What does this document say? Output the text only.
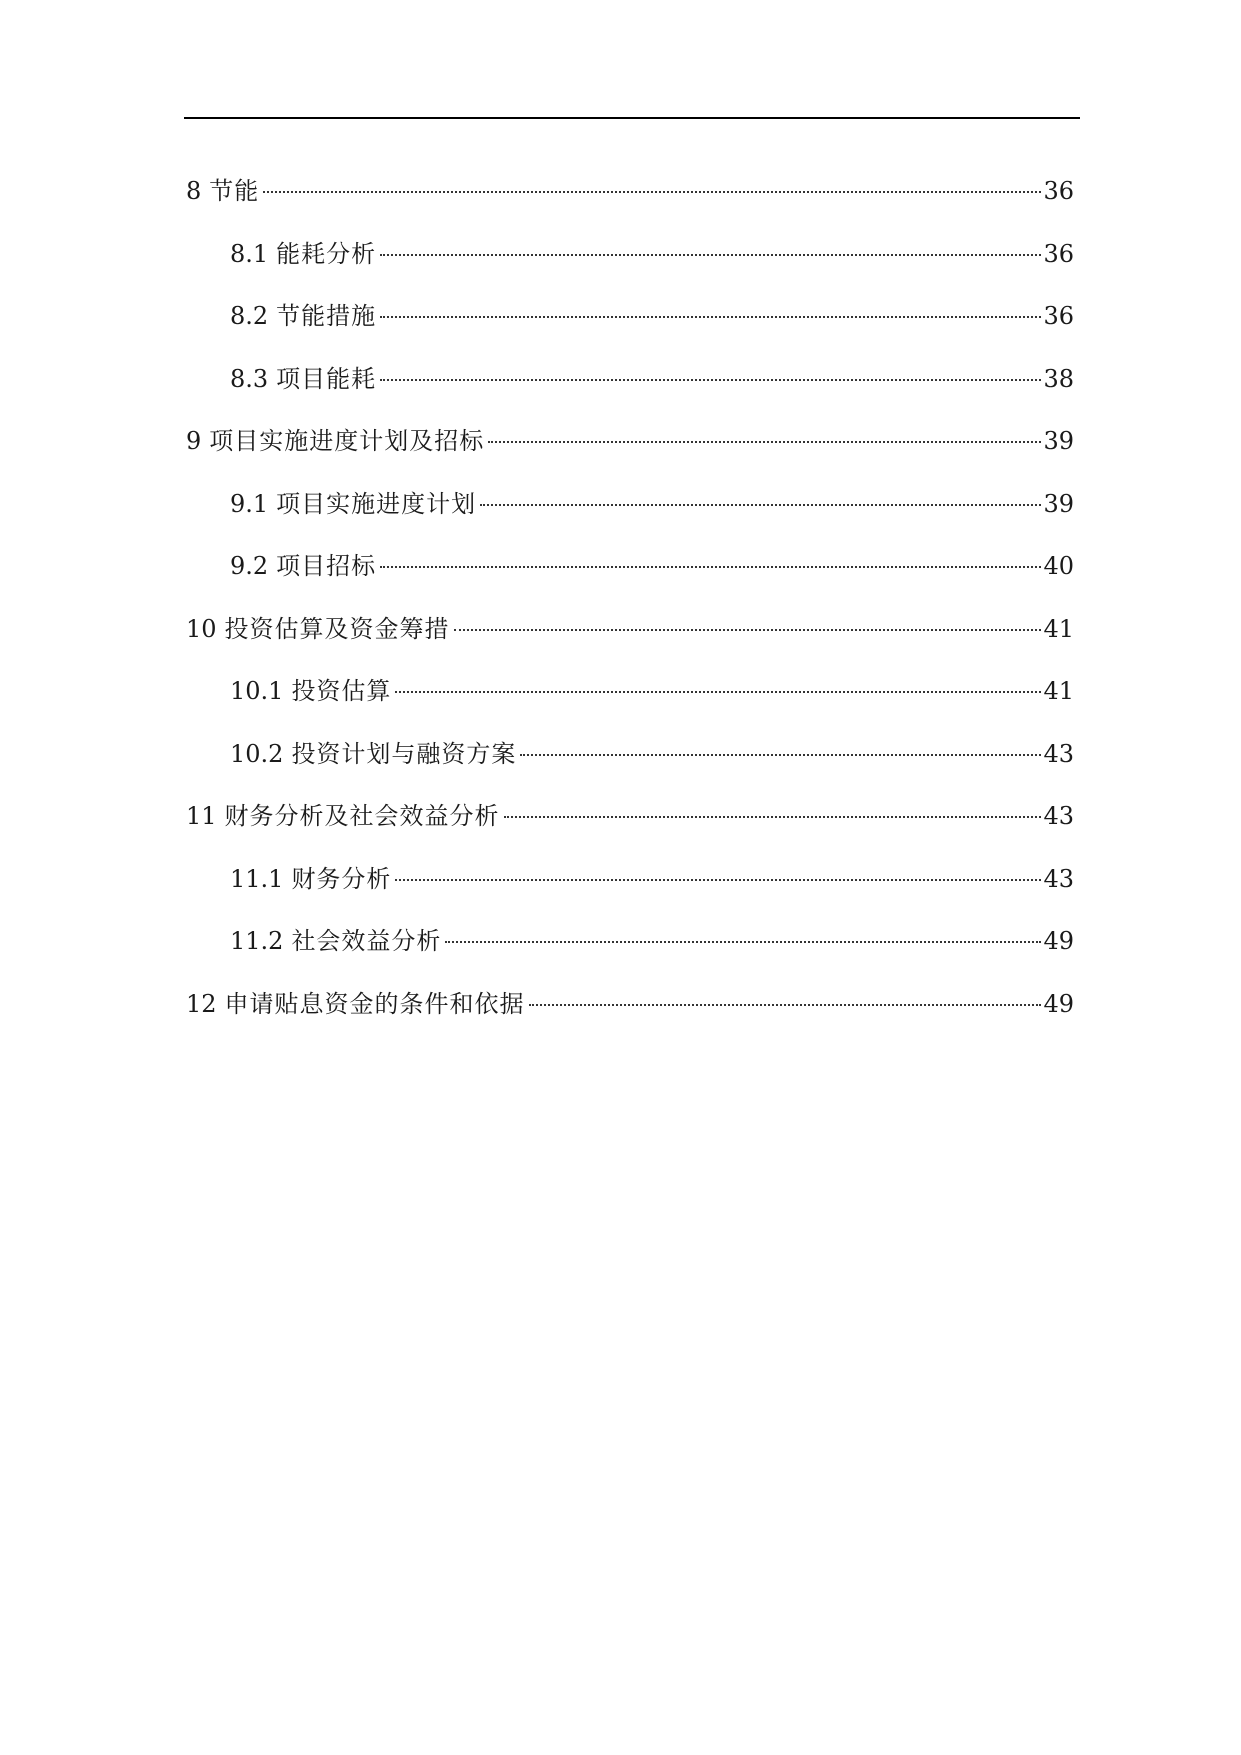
8 节能	36
8.1 能耗分析	36
8.2 节能措施	36
8.3 项目能耗	38
9 项目实施进度计划及招标	39
9.1 项目实施进度计划	39
9.2 项目招标	40
10 投资估算及资金筹措	41
10.1 投资估算	41
10.2 投资计划与融资方案	43
11 财务分析及社会效益分析	43
11.1 财务分析	43
11.2 社会效益分析	49
12 申请贴息资金的条件和依据	49
